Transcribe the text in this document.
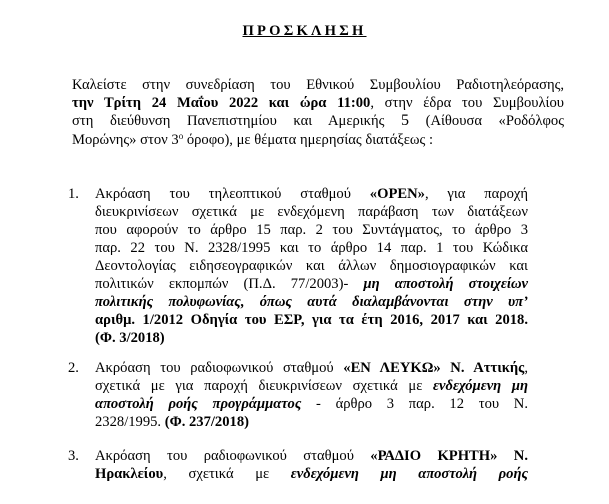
ΠΡΟΣΚΛΗΣΗ
Καλείστε στην συνεδρίαση του Εθνικού Συμβουλίου Ραδιοτηλεόρασης,
την Τρίτη 24 Μαΐου 2022 και ώρα 11:00, στην έδρα του Συμβουλίου
στη διεύθυνση Πανεπιστημίου και Αμερικής 5 (Αίθουσα «Ροδόλφος
Μορώνης» στον $3^o$ όροφο), με θέματα ημερησίας διατάξεως :
1. Ακρόαση του τηλεοπτικού σταθμού «OPEN», για παροχή
διευκρινίσεων σχετικά με ενδεχόμενη παράβαση των διατάξεων
που αφορούν το άρθρο 15 παρ. 2 του Συντάγματος, το άρθρο 3
παρ. 22 του Ν. 2328/1995 και το άρθρο 14 παρ. 1 του Κώδικα
Δεοντολογίας ειδησεογραφικών και άλλων δημοσιογραφικών και
πολιτικών εκπομπών (Π.Δ. 77/2003)- μη αποστολή στοιχείων
πολιτικής πολυφωνίας, όπως αυτά διαλαμβάνονται στην υπ’
αριθμ. 1/2012 Οδηγία του ΕΣΡ, για τα έτη 2016, 2017 και 2018.
(Φ. 3/2018)
2. Ακρόαση του ραδιοφωνικού σταθμού «ΕΝ ΛΕΥΚΩ» Ν. Αττικής,
σχετικά με για παροχή διευκρινίσεων σχετικά με ενδεχόμενη μη
αποστολή ροής προγράμματος - άρθρο 3 παρ. 12 του Ν.
2328/1995. (Φ. 237/2018)
3. Ακρόαση του ραδιοφωνικού σταθμού «ΡΑΔΙΟ ΚΡΗΤΗ» Ν.
Ηρακλείου, σχετικά με ενδεχόμενη μη αποστολή ροής
